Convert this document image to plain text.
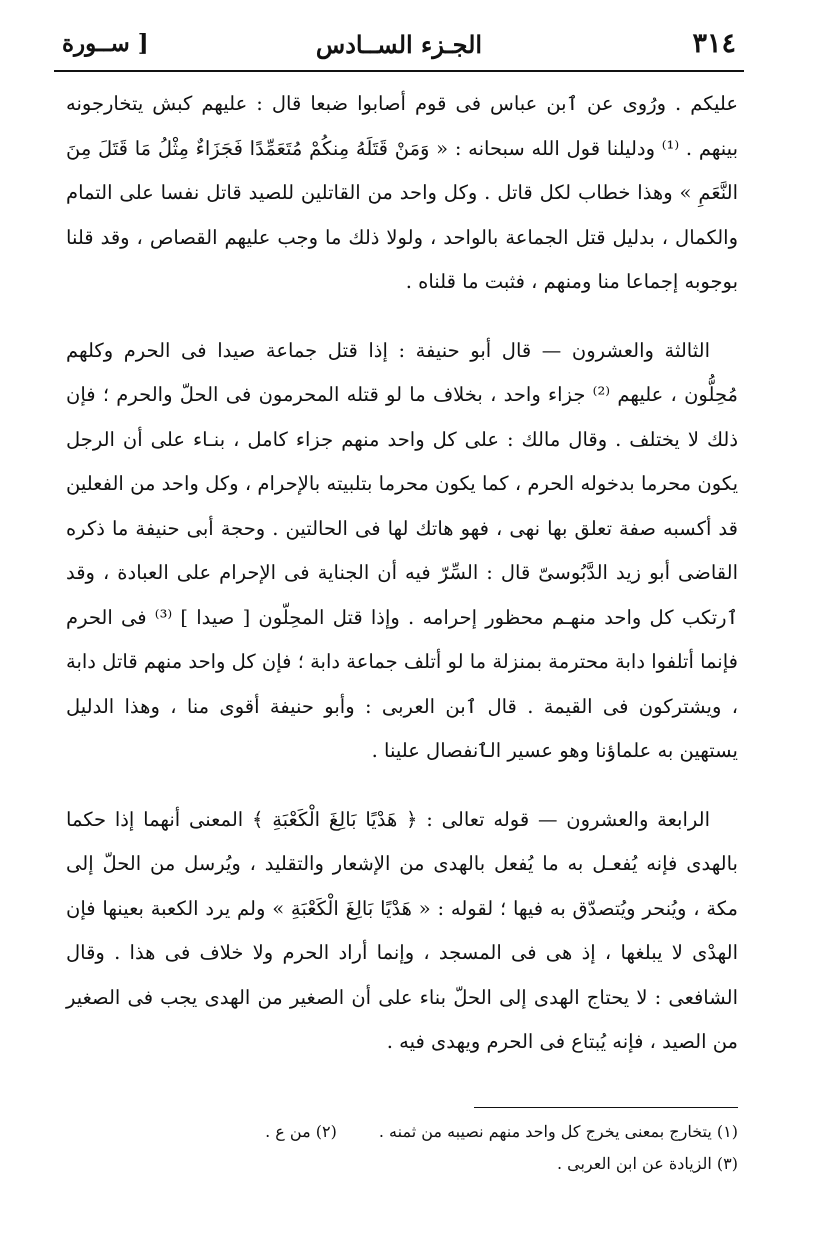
٣١٤
الجـزء الســادس
[ ســورة

عليكم . ورُوى عن ٱبن عباس فى قوم أصابوا ضبعا قال : عليهم كبش يتخارجونه بينهم . ⁽¹⁾ ودليلنا قول الله سبحانه : « وَمَنْ قَتَلَهُ مِنكُمْ مُتَعَمِّدًا فَجَزَاءٌ مِثْلُ مَا قَتَلَ مِنَ النَّعَمِ » وهذا خطاب لكل قاتل . وكل واحد من القاتلين للصيد قاتل نفسا على التمام والكمال ، بدليل قتل الجماعة بالواحد ، ولولا ذلك ما وجب عليهم القصاص ، وقد قلنا بوجوبه إجماعا منا ومنهم ، فثبت ما قلناه .

الثالثة والعشرون — قال أبو حنيفة : إذا قتل جماعة صيدا فى الحرم وكلهم مُحِلُّون ، عليهم ⁽²⁾ جزاء واحد ، بخلاف ما لو قتله المحرمون فى الحلّ والحرم ؛ فإن ذلك لا يختلف . وقال مالك : على كل واحد منهم جزاء كامل ، بنـاء على أن الرجل يكون محرما بدخوله الحرم ، كما يكون محرما بتلبيته بالإحرام ، وكل واحد من الفعلين قد أكسبه صفة تعلق بها نهى ، فهو هاتك لها فى الحالتين . وحجة أبى حنيفة ما ذكره القاضى أبو زيد الدَّبُوسىّ قال : السِّرّ فيه أن الجناية فى الإحرام على العبادة ، وقد ٱرتكب كل واحد منهـم محظور إحرامه . وإذا قتل المحِلّون [ صيدا ] ⁽³⁾ فى الحرم فإنما أتلفوا دابة محترمة بمنزلة ما لو أتلف جماعة دابة ؛ فإن كل واحد منهم قاتل دابة ، ويشتركون فى القيمة . قال ٱبن العربى : وأبو حنيفة أقوى منا ، وهذا الدليل يستهين به علماؤنا وهو عسير الٱنفصال علينا .

الرابعة والعشرون — قوله تعالى : ﴿ هَدْيًا بَالِغَ الْكَعْبَةِ ﴾ المعنى أنهما إذا حكما بالهدى فإنه يُفعـل به ما يُفعل بالهدى من الإشعار والتقليد ، ويُرسل من الحلّ إلى مكة ، ويُنحر ويُتصدّق به فيها ؛ لقوله : « هَدْيًا بَالِغَ الْكَعْبَةِ » ولم يرد الكعبة بعينها فإن الهدْى لا يبلغها ، إذ هى فى المسجد ، وإنما أراد الحرم ولا خلاف فى هذا . وقال الشافعى : لا يحتاج الهدى إلى الحلّ بناء على أن الصغير من الهدى يجب فى الصغير من الصيد ، فإنه يُبتاع فى الحرم ويهدى فيه .

(١) يتخارج بمعنى يخرج كل واحد منهم نصيبه من ثمنه .
(٢) من ع .
(٣) الزيادة عن ابن العربى .
